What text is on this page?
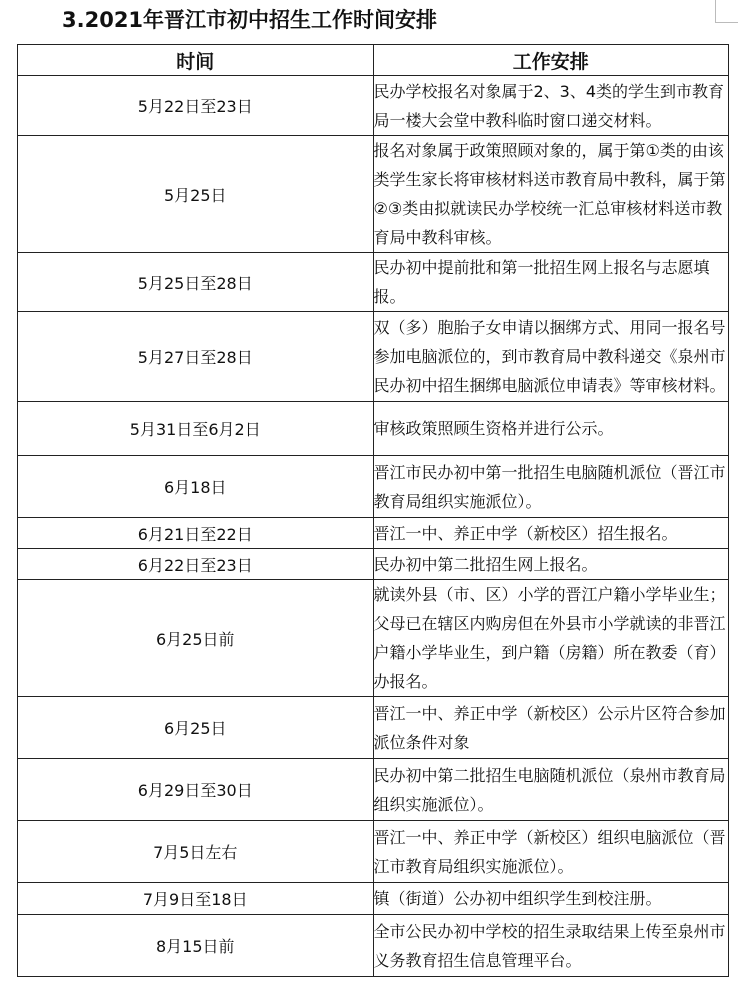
3.2021年晋江市初中招生工作时间安排
时间	工作安排
5月22日至23日	民办学校报名对象属于2、3、4类的学生到市教育局一楼大会堂中教科临时窗口递交材料。
5月25日	报名对象属于政策照顾对象的，属于第①类的由该类学生家长将审核材料送市教育局中教科，属于第②③类由拟就读民办学校统一汇总审核材料送市教育局中教科审核。
5月25日至28日	民办初中提前批和第一批招生网上报名与志愿填报。
5月27日至28日	双（多）胞胎子女申请以捆绑方式、用同一报名号参加电脑派位的，到市教育局中教科递交《泉州市民办初中招生捆绑电脑派位申请表》等审核材料。
5月31日至6月2日	审核政策照顾生资格并进行公示。
6月18日	晋江市民办初中第一批招生电脑随机派位（晋江市教育局组织实施派位）。
6月21日至22日	晋江一中、养正中学（新校区）招生报名。
6月22日至23日	民办初中第二批招生网上报名。
6月25日前	就读外县（市、区）小学的晋江户籍小学毕业生；父母已在辖区内购房但在外县市小学就读的非晋江户籍小学毕业生，到户籍（房籍）所在教委（育）办报名。
6月25日	晋江一中、养正中学（新校区）公示片区符合参加派位条件对象
6月29日至30日	民办初中第二批招生电脑随机派位（泉州市教育局组织实施派位）。
7月5日左右	晋江一中、养正中学（新校区）组织电脑派位（晋江市教育局组织实施派位）。
7月9日至18日	镇（街道）公办初中组织学生到校注册。
8月15日前	全市公民办初中学校的招生录取结果上传至泉州市义务教育招生信息管理平台。
